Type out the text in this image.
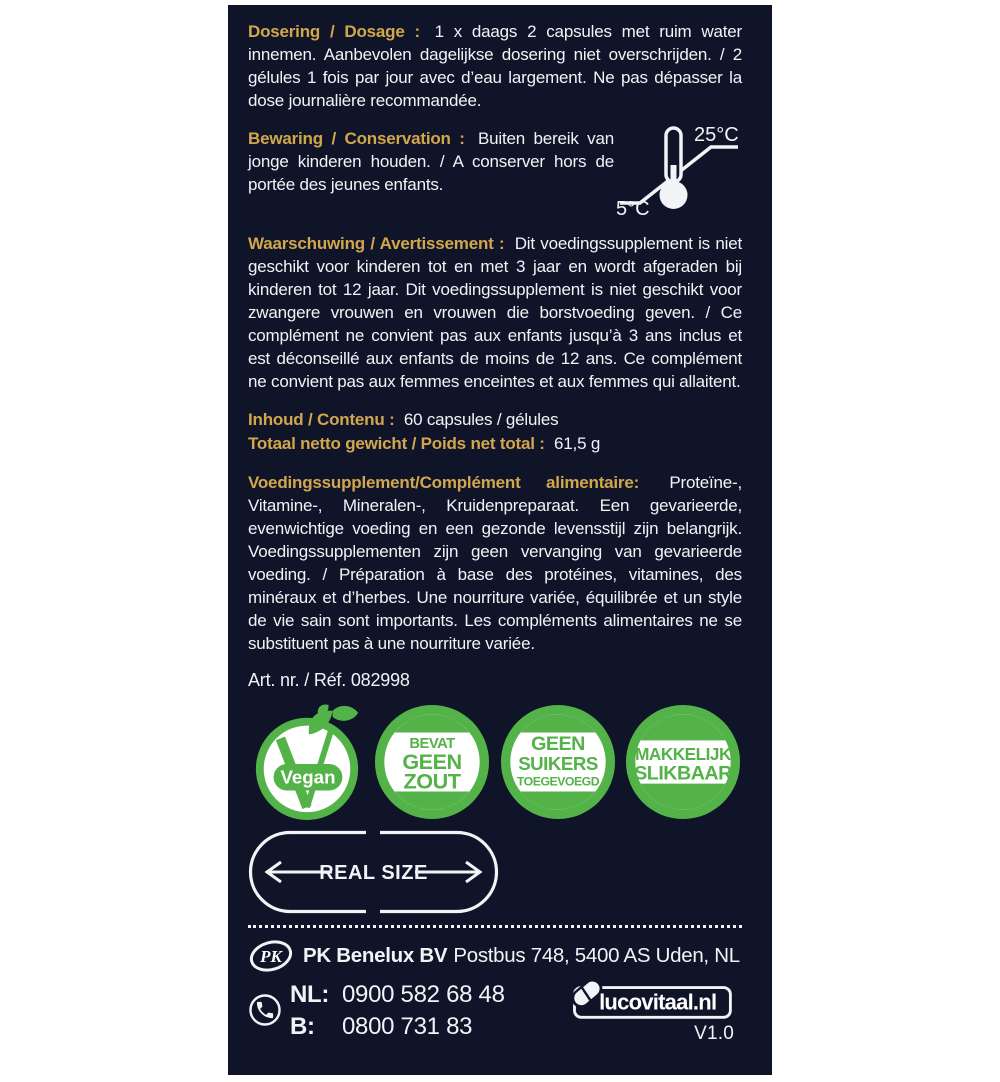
Dosering / Dosage : 1 x daags 2 capsules met ruim water innemen. Aanbevolen dagelijkse dosering niet overschrijden. / 2 gélules 1 fois par jour avec d’eau largement. Ne pas dépasser la dose journalière recommandée.

Bewaring / Conservation : Buiten bereik van jonge kinderen houden. / A conserver hors de portée des jeunes enfants.

25°C
5°C

Waarschuwing / Avertissement : Dit voedingssupplement is niet geschikt voor kinderen tot en met 3 jaar en wordt afgeraden bij kinderen tot 12 jaar. Dit voedingssupplement is niet geschikt voor zwangere vrouwen en vrouwen die borstvoeding geven. / Ce complément ne convient pas aux enfants jusqu’à 3 ans inclus et est déconseillé aux enfants de moins de 12 ans. Ce complément ne convient pas aux femmes enceintes et aux femmes qui allaitent.

Inhoud / Contenu : 60 capsules / gélules
Totaal netto gewicht / Poids net total : 61,5 g

Voedingssupplement/Complément alimentaire: Proteïne-, Vitamine-, Mineralen-, Kruidenpreparaat. Een gevarieerde, evenwichtige voeding en een gezonde levensstijl zijn belangrijk. Voedingssupplementen zijn geen vervanging van gevarieerde voeding. / Préparation à base des protéines, vitamines, des minéraux et d’herbes. Une nourriture variée, équilibrée et un style de vie sain sont importants. Les compléments alimentaires ne se substituent pas à une nourriture variée.

Art. nr. / Réf. 082998
Vegan
BEVAT
GEEN
ZOUT
GEEN
SUIKERS
TOEGEVOEGD
MAKKELIJK
SLIKBAAR
REAL SIZE
PK PK Benelux BV Postbus 748, 5400 AS Uden, NL
NL: 0900 582 68 48
B:	0800 731 83
lucovitaal.nl
V1.0
